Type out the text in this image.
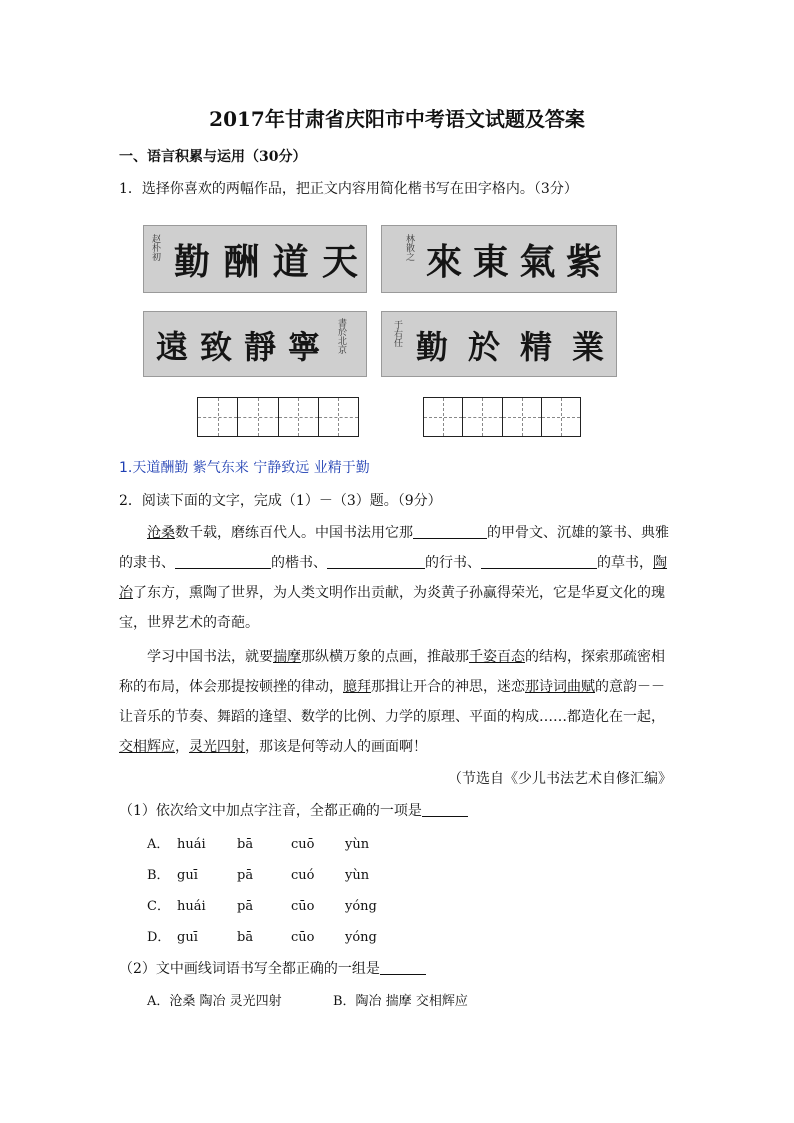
2017年甘肃省庆阳市中考语文试题及答案
一、语言积累与运用（30分）
1．选择你喜欢的两幅作品，把正文内容用简化楷书写在田字格内。（3分）
赵朴初 勤 酬 道 天	林散之 來 東 氣 紫
遠 致 靜 寧 書於北京	于右任 勤 於 精 業
1.天道酬勤 紫气东来 宁静致远 业精于勤
2．阅读下面的文字，完成（1）－（3）题。（9分）
沧桑数千载，磨练百代人。中国书法用它那	的甲骨文、沉雄的篆书、典雅
的隶书、	的楷书、	的行书、	的草书，陶
冶了东方，熏陶了世界，为人类文明作出贡献，为炎黄子孙赢得荣光，它是华夏文化的瑰
宝，世界艺术的奇葩。
学习中国书法，就要揣摩那纵横万象的点画，推敲那千姿百态的结构，探索那疏密相
称的布局，体会那提按顿挫的律动，臆拜那揖让开合的神思，迷恋那诗词曲赋的意韵－－
让音乐的节奏、舞蹈的逢望、数学的比例、力学的原理、平面的构成……都造化在一起，
交相辉应，灵光四射，那该是何等动人的画面啊！
（节选自《少儿书法艺术自修汇编》
（1）依次给文中加点字注音，全都正确的一项是
A． huái bā	cuō yùn
B． guī	pā	cuó yùn
C． huái pā	cūo yóng
D． guī	bā	cūo yóng
（2）文中画线词语书写全都正确的一组是
A．沧桑 陶冶 灵光四射	B．陶冶 揣摩 交相辉应
